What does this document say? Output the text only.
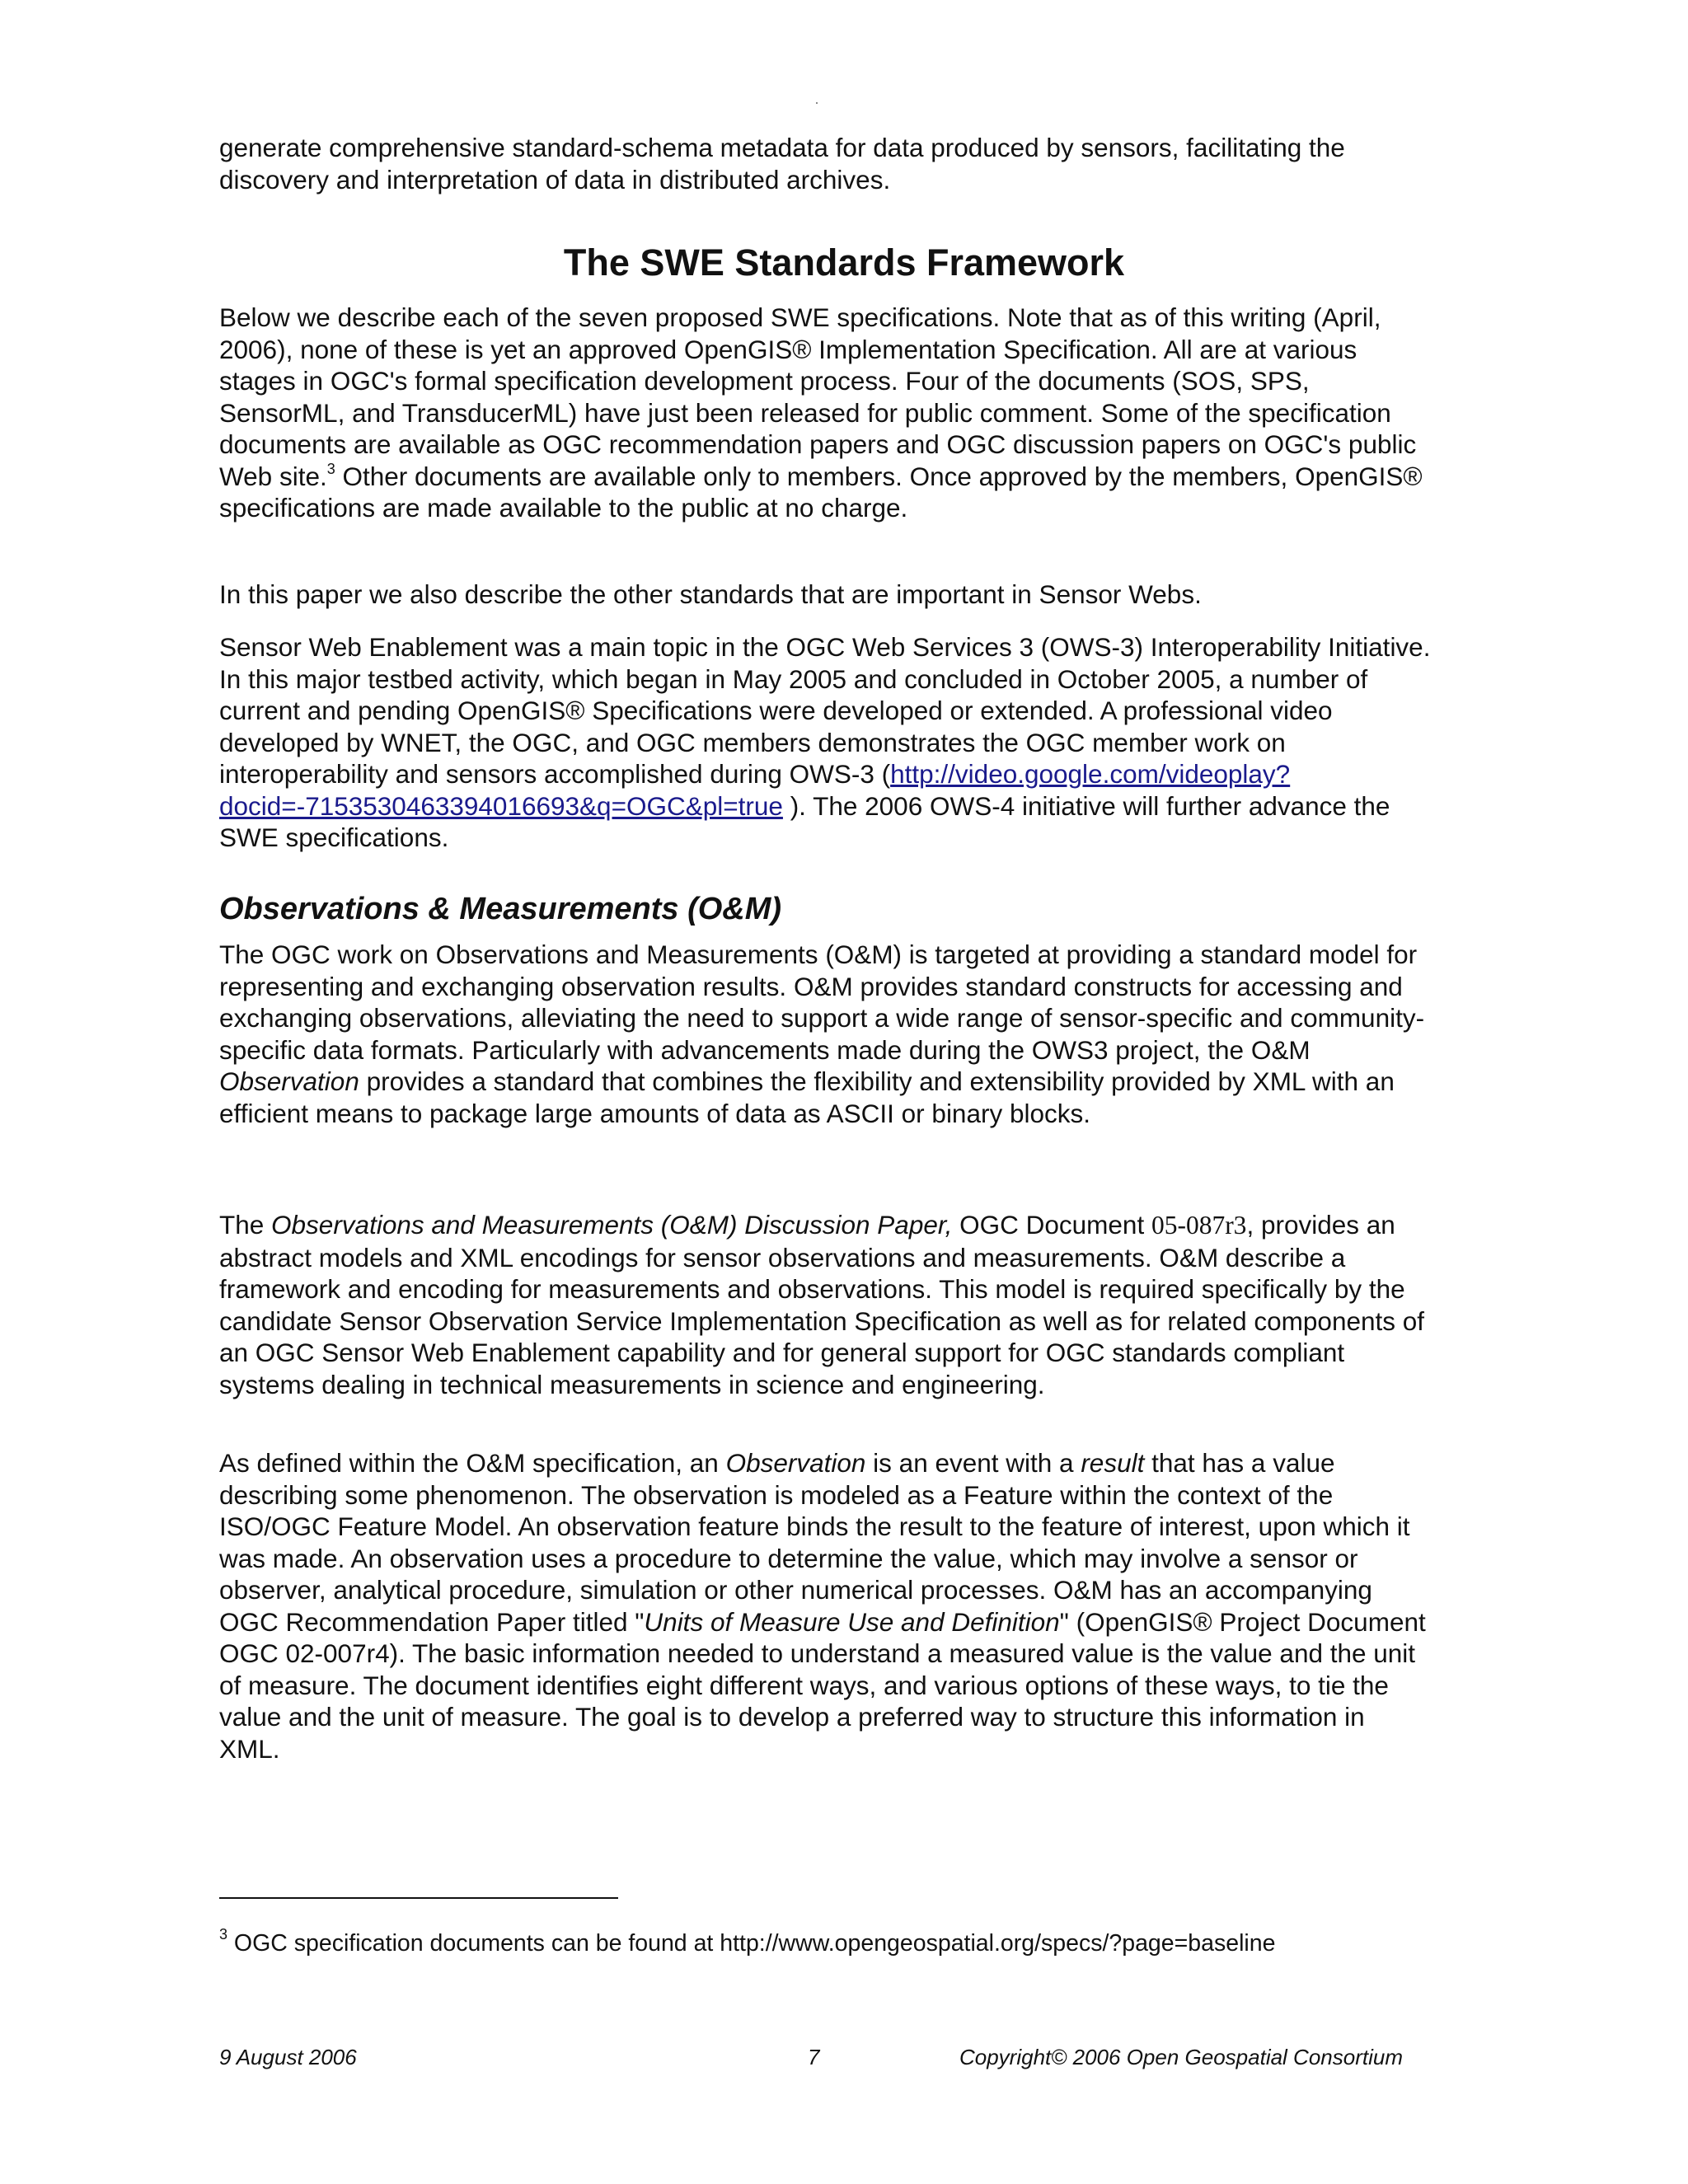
generate comprehensive standard-schema metadata for data produced by sensors, facilitating the discovery and interpretation of data in distributed archives.

The SWE Standards Framework

Below we describe each of the seven proposed SWE specifications. Note that as of this writing (April, 2006), none of these is yet an approved OpenGIS® Implementation Specification. All are at various stages in OGC's formal specification development process. Four of the documents (SOS, SPS, SensorML, and TransducerML) have just been released for public comment. Some of the specification documents are available as OGC recommendation papers and OGC discussion papers on OGC's public Web site.$^3$ Other documents are available only to members. Once approved by the members, OpenGIS® specifications are made available to the public at no charge.

In this paper we also describe the other standards that are important in Sensor Webs.

Sensor Web Enablement was a main topic in the OGC Web Services 3 (OWS-3) Interoperability Initiative. In this major testbed activity, which began in May 2005 and concluded in October 2005, a number of current and pending OpenGIS® Specifications were developed or extended. A professional video developed by WNET, the OGC, and OGC members demonstrates the OGC member work on interoperability and sensors accomplished during OWS-3 (http://video.google.com/videoplay?docid=-7153530463394016693&q=OGC&pl=true ). The 2006 OWS-4 initiative will further advance the SWE specifications.

Observations & Measurements (O&M)

The OGC work on Observations and Measurements (O&M) is targeted at providing a standard model for representing and exchanging observation results. O&M provides standard constructs for accessing and exchanging observations, alleviating the need to support a wide range of sensor-specific and community-specific data formats. Particularly with advancements made during the OWS3 project, the O&M Observation provides a standard that combines the flexibility and extensibility provided by XML with an efficient means to package large amounts of data as ASCII or binary blocks.

The Observations and Measurements (O&M) Discussion Paper, OGC Document 05-087r3, provides an abstract models and XML encodings for sensor observations and measurements. O&M describe a framework and encoding for measurements and observations. This model is required specifically by the candidate Sensor Observation Service Implementation Specification as well as for related components of an OGC Sensor Web Enablement capability and for general support for OGC standards compliant systems dealing in technical measurements in science and engineering.

As defined within the O&M specification, an Observation is an event with a result that has a value describing some phenomenon. The observation is modeled as a Feature within the context of the ISO/OGC Feature Model. An observation feature binds the result to the feature of interest, upon which it was made. An observation uses a procedure to determine the value, which may involve a sensor or observer, analytical procedure, simulation or other numerical processes. O&M has an accompanying OGC Recommendation Paper titled "Units of Measure Use and Definition" (OpenGIS® Project Document OGC 02-007r4). The basic information needed to understand a measured value is the value and the unit of measure. The document identifies eight different ways, and various options of these ways, to tie the value and the unit of measure. The goal is to develop a preferred way to structure this information in XML.

$^3$ OGC specification documents can be found at http://www.opengeospatial.org/specs/?page=baseline

9 August 2006	7	Copyright© 2006 Open Geospatial Consortium
